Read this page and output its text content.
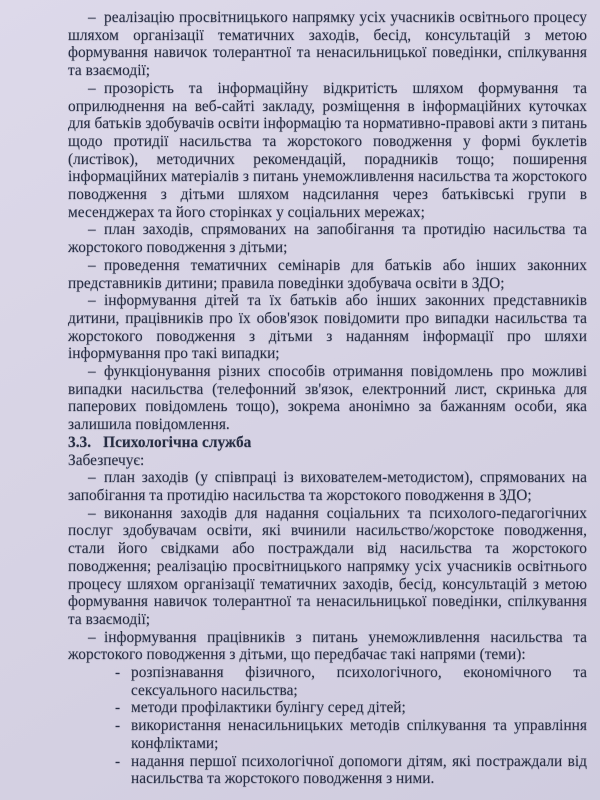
– реалізацію просвітницького напрямку усіх учасників освітнього процесу шляхом організації тематичних заходів, бесід, консультацій з метою формування навичок толерантної та ненасильницької поведінки, спілкування та взаємодії;

– прозорість та інформаційну відкритість шляхом формування та оприлюднення на веб-сайті закладу, розміщення в інформаційних куточках для батьків здобувачів освіти інформацію та нормативно-правові акти з питань щодо протидії насильства та жорстокого поводження у формі буклетів (листівок), методичних рекомендацій, порадників тощо; поширення інформаційних матеріалів з питань унеможливлення насильства та жорстокого поводження з дітьми шляхом надсилання через батьківські групи в месенджерах та його сторінках у соціальних мережах;

– план заходів, спрямованих на запобігання та протидію насильства та жорстокого поводження з дітьми;

– проведення тематичних семінарів для батьків або інших законних представників дитини; правила поведінки здобувача освіти в ЗДО;

– інформування дітей та їх батьків або інших законних представників дитини, працівників про їх обов'язок повідомити про випадки насильства та жорстокого поводження з дітьми з наданням інформації про шляхи інформування про такі випадки;

– функціонування різних способів отримання повідомлень про можливі випадки насильства (телефонний зв'язок, електронний лист, скринька для паперових повідомлень тощо), зокрема анонімно за бажанням особи, яка залишила повідомлення.

3.3. Психологічна служба

Забезпечує:

– план заходів (у співпраці із вихователем-методистом), спрямованих на запобігання та протидію насильства та жорстокого поводження в ЗДО;

– виконання заходів для надання соціальних та психолого-педагогічних послуг здобувачам освіти, які вчинили насильство/жорстоке поводження, стали його свідками або постраждали від насильства та жорстокого поводження; реалізацію просвітницького напрямку усіх учасників освітнього процесу шляхом організації тематичних заходів, бесід, консультацій з метою формування навичок толерантної та ненасильницької поведінки, спілкування та взаємодії;

– інформування працівників з питань унеможливлення насильства та жорстокого поводження з дітьми, що передбачає такі напрями (теми):

- розпізнавання фізичного, психологічного, економічного та сексуального насильства;

- методи профілактики булінгу серед дітей;

- використання ненасильницьких методів спілкування та управління конфліктами;

- надання першої психологічної допомоги дітям, які постраждали від насильства та жорстокого поводження з ними.
